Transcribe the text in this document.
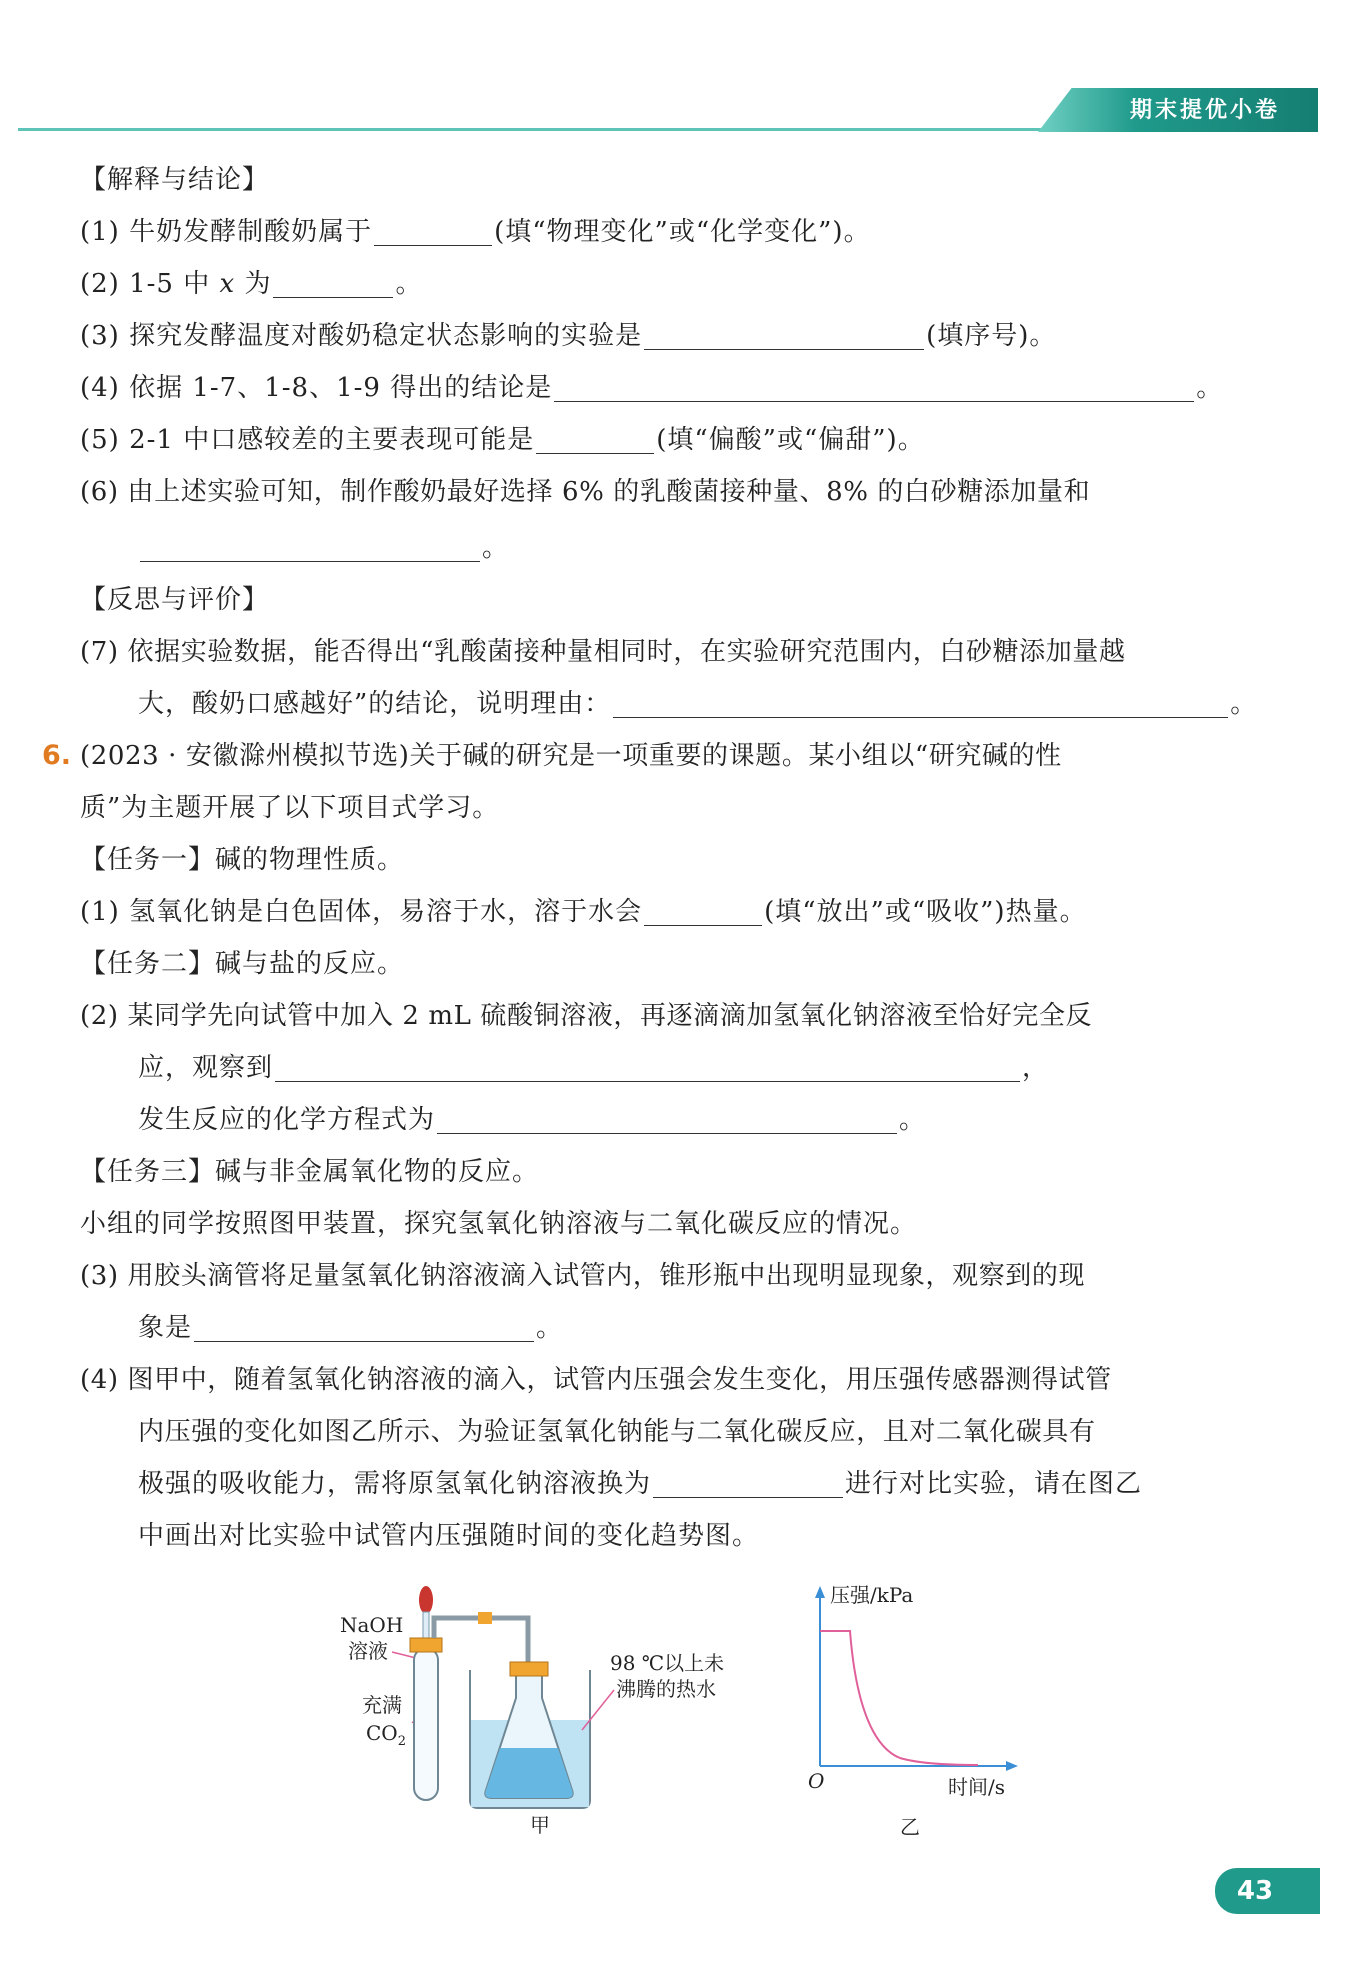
期末提优小卷
【解释与结论】
(1) 牛奶发酵制酸奶属于	(填“物理变化”或“化学变化”)。
(2) 1-5 中 x 为	。
(3) 探究发酵温度对酸奶稳定状态影响的实验是	(填序号)。
(4) 依据 1-7、1-8、1-9 得出的结论是	。
(5) 2-1 中口感较差的主要表现可能是	(填“偏酸”或“偏甜”)。
(6) 由上述实验可知，制作酸奶最好选择 6% 的乳酸菌接种量、8% 的白砂糖添加量和
。
【反思与评价】
(7) 依据实验数据，能否得出“乳酸菌接种量相同时，在实验研究范围内，白砂糖添加量越
大，酸奶口感越好”的结论，说明理由：	。
6. (2023 · 安徽滁州模拟节选)关于碱的研究是一项重要的课题。某小组以“研究碱的性
质”为主题开展了以下项目式学习。
【任务一】碱的物理性质。
(1) 氢氧化钠是白色固体，易溶于水，溶于水会	(填“放出”或“吸收”)热量。
【任务二】碱与盐的反应。
(2) 某同学先向试管中加入 2 mL 硫酸铜溶液，再逐滴滴加氢氧化钠溶液至恰好完全反
应，观察到	，
发生反应的化学方程式为	。
【任务三】碱与非金属氧化物的反应。
小组的同学按照图甲装置，探究氢氧化钠溶液与二氧化碳反应的情况。
(3) 用胶头滴管将足量氢氧化钠溶液滴入试管内，锥形瓶中出现明显现象，观察到的现
象是	。
(4) 图甲中，随着氢氧化钠溶液的滴入，试管内压强会发生变化，用压强传感器测得试管
内压强的变化如图乙所示、为验证氢氧化钠能与二氧化碳反应，且对二氧化碳具有
极强的吸收能力，需将原氢氧化钠溶液换为	进行对比实验，请在图乙
中画出对比实验中试管内压强随时间的变化趋势图。
NaOH
溶液
充满
$CO_2$
98 ℃以上未
沸腾的热水
甲
压强/kPa
时间/s
O
乙
43
